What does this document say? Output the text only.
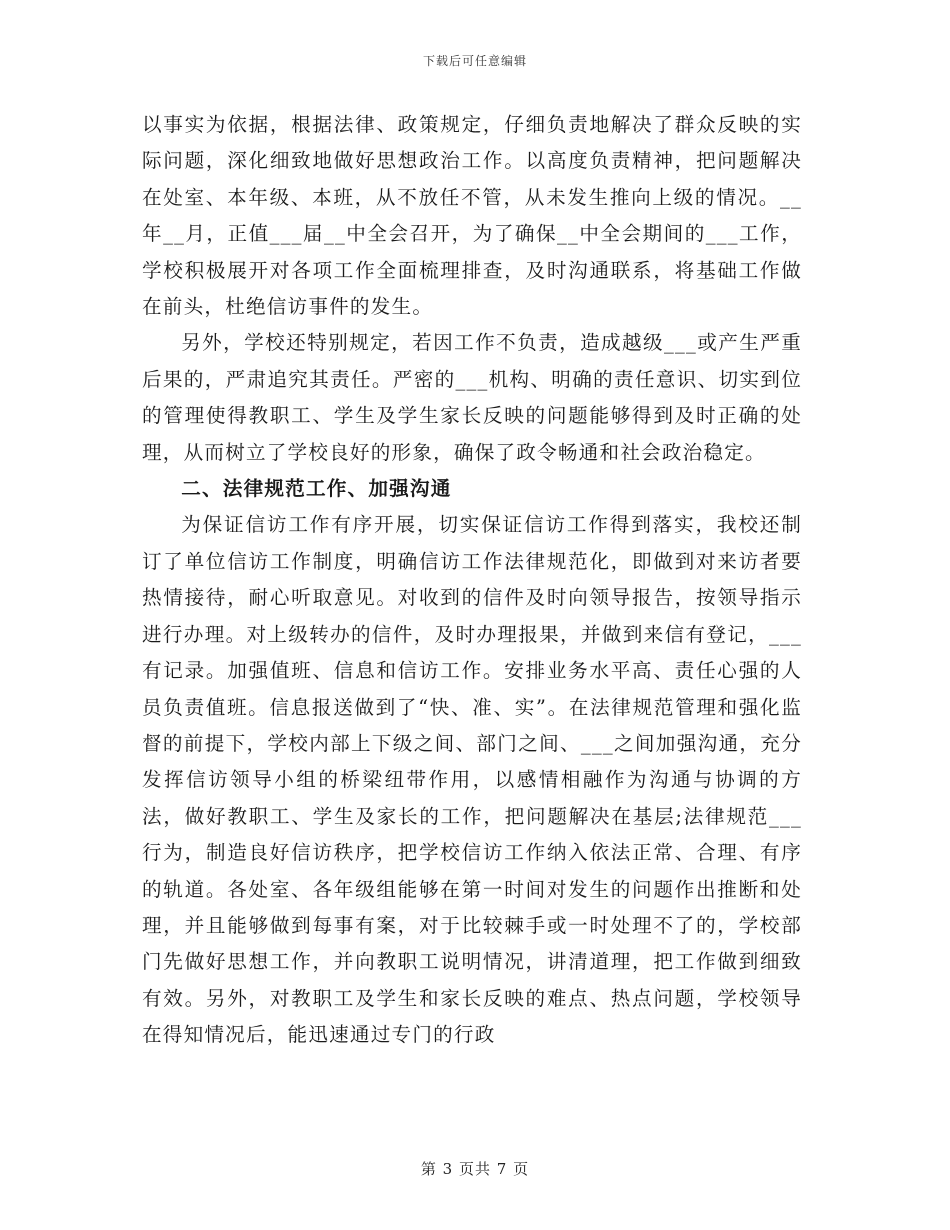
下载后可任意编辑

以事实为依据，根据法律、政策规定，仔细负责地解决了群众反映的实际问题，深化细致地做好思想政治工作。以高度负责精神，把问题解决在处室、本年级、本班，从不放任不管，从未发生推向上级的情况。__年__月，正值___届__中全会召开，为了确保__中全会期间的___工作，学校积极展开对各项工作全面梳理排查，及时沟通联系，将基础工作做在前头，杜绝信访事件的发生。

另外，学校还特别规定，若因工作不负责，造成越级___或产生严重后果的，严肃追究其责任。严密的___机构、明确的责任意识、切实到位的管理使得教职工、学生及学生家长反映的问题能够得到及时正确的处理，从而树立了学校良好的形象，确保了政令畅通和社会政治稳定。

二、法律规范工作、加强沟通

为保证信访工作有序开展，切实保证信访工作得到落实，我校还制订了单位信访工作制度，明确信访工作法律规范化，即做到对来访者要热情接待，耐心听取意见。对收到的信件及时向领导报告，按领导指示进行办理。对上级转办的信件，及时办理报果，并做到来信有登记，___有记录。加强值班、信息和信访工作。安排业务水平高、责任心强的人员负责值班。信息报送做到了“快、准、实”。在法律规范管理和强化监督的前提下，学校内部上下级之间、部门之间、___之间加强沟通，充分发挥信访领导小组的桥梁纽带作用，以感情相融作为沟通与协调的方法，做好教职工、学生及家长的工作，把问题解决在基层;法律规范___行为，制造良好信访秩序，把学校信访工作纳入依法正常、合理、有序的轨道。各处室、各年级组能够在第一时间对发生的问题作出推断和处理，并且能够做到每事有案，对于比较棘手或一时处理不了的，学校部门先做好思想工作，并向教职工说明情况，讲清道理，把工作做到细致有效。另外，对教职工及学生和家长反映的难点、热点问题，学校领导在得知情况后，能迅速通过专门的行政

第 3 页共 7 页
